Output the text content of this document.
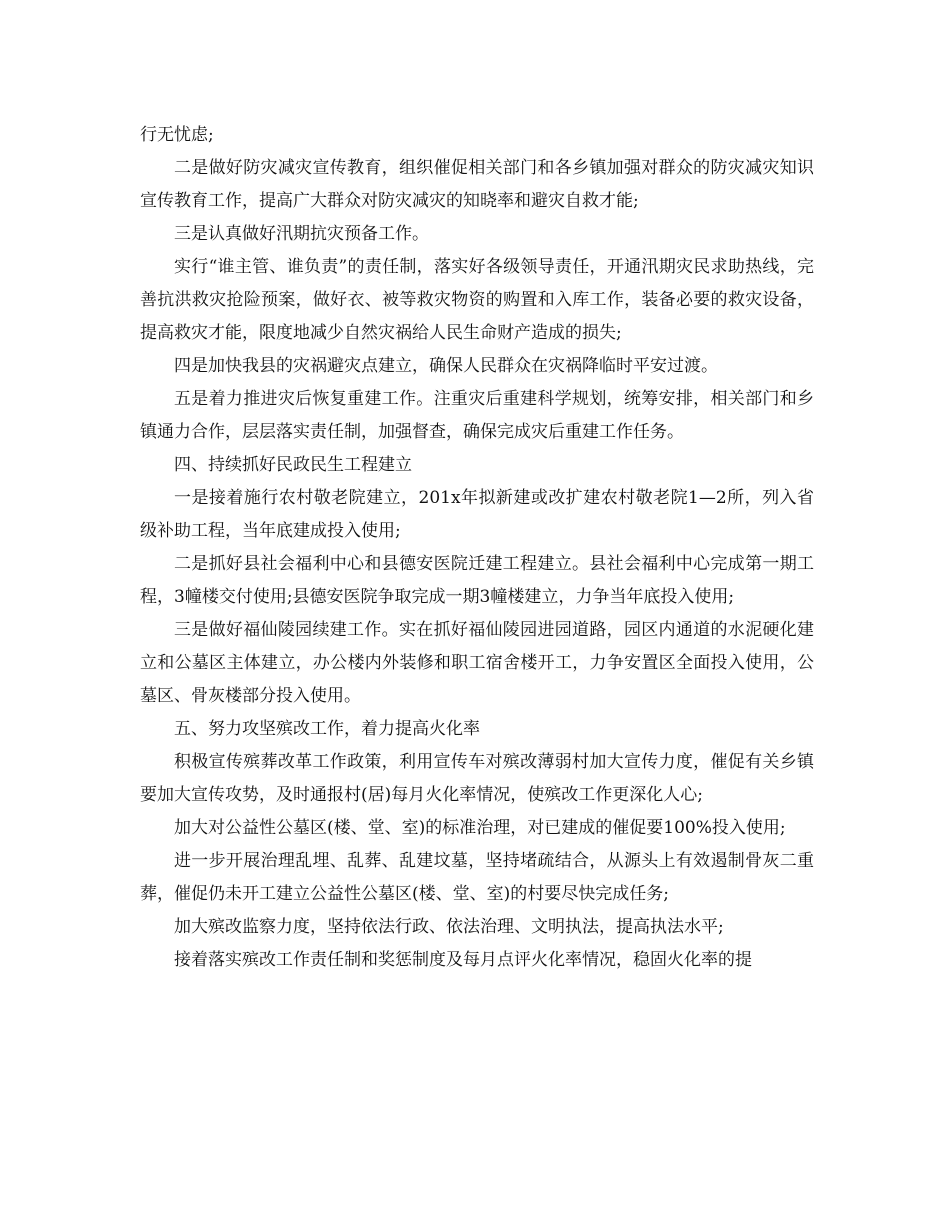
行无忧虑;

二是做好防灾减灾宣传教育，组织催促相关部门和各乡镇加强对群众的防灾减灾知识宣传教育工作，提高广大群众对防灾减灾的知晓率和避灾自救才能;

三是认真做好汛期抗灾预备工作。

实行“谁主管、谁负责”的责任制，落实好各级领导责任，开通汛期灾民求助热线，完善抗洪救灾抢险预案，做好衣、被等救灾物资的购置和入库工作，装备必要的救灾设备，提高救灾才能，限度地减少自然灾祸给人民生命财产造成的损失;

四是加快我县的灾祸避灾点建立，确保人民群众在灾祸降临时平安过渡。

五是着力推进灾后恢复重建工作。注重灾后重建科学规划，统筹安排，相关部门和乡镇通力合作，层层落实责任制，加强督查，确保完成灾后重建工作任务。

四、持续抓好民政民生工程建立

一是接着施行农村敬老院建立，201x年拟新建或改扩建农村敬老院1—2所，列入省级补助工程，当年底建成投入使用;

二是抓好县社会福利中心和县德安医院迁建工程建立。县社会福利中心完成第一期工程，3幢楼交付使用;县德安医院争取完成一期3幢楼建立，力争当年底投入使用;

三是做好福仙陵园续建工作。实在抓好福仙陵园进园道路，园区内通道的水泥硬化建立和公墓区主体建立，办公楼内外装修和职工宿舍楼开工，力争安置区全面投入使用，公墓区、骨灰楼部分投入使用。

五、努力攻坚殡改工作，着力提高火化率

积极宣传殡葬改革工作政策，利用宣传车对殡改薄弱村加大宣传力度，催促有关乡镇要加大宣传攻势，及时通报村(居)每月火化率情况，使殡改工作更深化人心;

加大对公益性公墓区(楼、堂、室)的标准治理，对已建成的催促要100%投入使用;

进一步开展治理乱埋、乱葬、乱建坟墓，坚持堵疏结合，从源头上有效遏制骨灰二重葬，催促仍未开工建立公益性公墓区(楼、堂、室)的村要尽快完成任务;

加大殡改监察力度，坚持依法行政、依法治理、文明执法，提高执法水平;

接着落实殡改工作责任制和奖惩制度及每月点评火化率情况，稳固火化率的提
